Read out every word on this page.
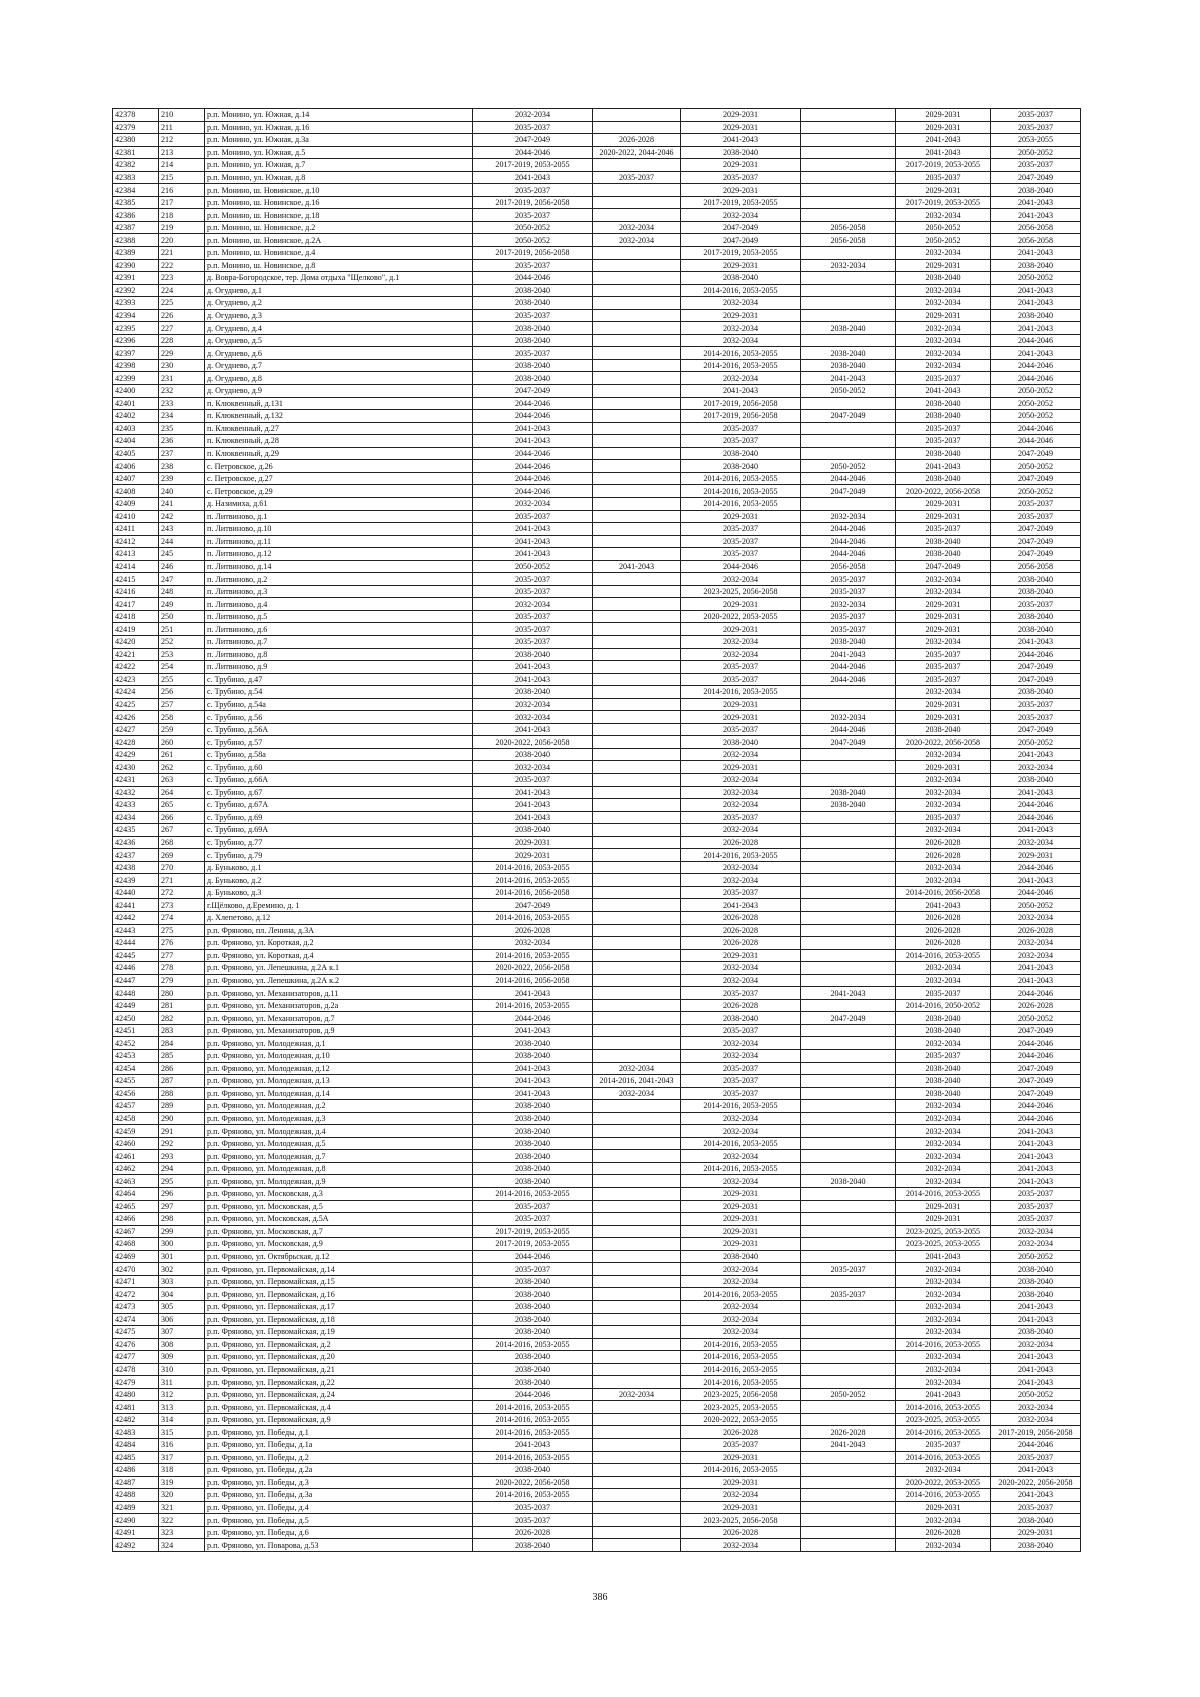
42378	210	р.п. Монино, ул. Южная, д.14	2032-2034		2029-2031		2029-2031	2035-2037
42379	211	р.п. Монино, ул. Южная, д.16	2035-2037		2029-2031		2029-2031	2035-2037
42380	212	р.п. Монино, ул. Южная, д.3а	2047-2049	2026-2028	2041-2043		2041-2043	2053-2055
42381	213	р.п. Монино, ул. Южная, д.5	2044-2046	2020-2022, 2044-2046	2038-2040		2041-2043	2050-2052
42382	214	р.п. Монино, ул. Южная, д.7	2017-2019, 2053-2055		2029-2031		2017-2019, 2053-2055	2035-2037
42383	215	р.п. Монино, ул. Южная, д.8	2041-2043	2035-2037	2035-2037		2035-2037	2047-2049
42384	216	р.п. Монино, ш. Новинское, д.10	2035-2037		2029-2031		2029-2031	2038-2040
42385	217	р.п. Монино, ш. Новинское, д.16	2017-2019, 2056-2058		2017-2019, 2053-2055		2017-2019, 2053-2055	2041-2043
42386	218	р.п. Монино, ш. Новинское, д.18	2035-2037		2032-2034		2032-2034	2041-2043
42387	219	р.п. Монино, ш. Новинское, д.2	2050-2052	2032-2034	2047-2049	2056-2058	2050-2052	2056-2058
42388	220	р.п. Монино, ш. Новинское, д.2А	2050-2052	2032-2034	2047-2049	2056-2058	2050-2052	2056-2058
42389	221	р.п. Монино, ш. Новинское, д.4	2017-2019, 2056-2058		2017-2019, 2053-2055		2032-2034	2041-2043
42390	222	р.п. Монино, ш. Новинское, д.8	2035-2037		2029-2031	2032-2034	2029-2031	2038-2040
42391	223	д. Вовра-Богородское, тер. Дома отдыха "Щелково", д.1	2044-2046		2038-2040		2038-2040	2050-2052
42392	224	д. Огуднево, д.1	2038-2040		2014-2016, 2053-2055		2032-2034	2041-2043
42393	225	д. Огуднево, д.2	2038-2040		2032-2034		2032-2034	2041-2043
42394	226	д. Огуднево, д.3	2035-2037		2029-2031		2029-2031	2038-2040
42395	227	д. Огуднево, д.4	2038-2040		2032-2034	2038-2040	2032-2034	2041-2043
42396	228	д. Огуднево, д.5	2038-2040		2032-2034		2032-2034	2044-2046
42397	229	д. Огуднево, д.6	2035-2037		2014-2016, 2053-2055	2038-2040	2032-2034	2041-2043
42398	230	д. Огуднево, д.7	2038-2040		2014-2016, 2053-2055	2038-2040	2032-2034	2044-2046
42399	231	д. Огуднево, д.8	2038-2040		2032-2034	2041-2043	2035-2037	2044-2046
42400	232	д. Огуднево, д.9	2047-2049		2041-2043	2050-2052	2041-2043	2050-2052
42401	233	п. Клюквенный, д.131	2044-2046		2017-2019, 2056-2058		2038-2040	2050-2052
42402	234	п. Клюквенный, д.132	2044-2046		2017-2019, 2056-2058	2047-2049	2038-2040	2050-2052
42403	235	п. Клюквенный, д.27	2041-2043		2035-2037		2035-2037	2044-2046
42404	236	п. Клюквенный, д.28	2041-2043		2035-2037		2035-2037	2044-2046
42405	237	п. Клюквенный, д.29	2044-2046		2038-2040		2038-2040	2047-2049
42406	238	с. Петровское, д.26	2044-2046		2038-2040	2050-2052	2041-2043	2050-2052
42407	239	с. Петровское, д.27	2044-2046		2014-2016, 2053-2055	2044-2046	2038-2040	2047-2049
42408	240	с. Петровское, д.29	2044-2046		2014-2016, 2053-2055	2047-2049	2020-2022, 2056-2058	2050-2052
42409	241	д. Назимиха, д.61	2032-2034		2014-2016, 2053-2055		2029-2031	2035-2037
42410	242	п. Литвиново, д.1	2035-2037		2029-2031	2032-2034	2029-2031	2035-2037
42411	243	п. Литвиново, д.10	2041-2043		2035-2037	2044-2046	2035-2037	2047-2049
42412	244	п. Литвиново, д.11	2041-2043		2035-2037	2044-2046	2038-2040	2047-2049
42413	245	п. Литвиново, д.12	2041-2043		2035-2037	2044-2046	2038-2040	2047-2049
42414	246	п. Литвиново, д.14	2050-2052	2041-2043	2044-2046	2056-2058	2047-2049	2056-2058
42415	247	п. Литвиново, д.2	2035-2037		2032-2034	2035-2037	2032-2034	2038-2040
42416	248	п. Литвиново, д.3	2035-2037		2023-2025, 2056-2058	2035-2037	2032-2034	2038-2040
42417	249	п. Литвиново, д.4	2032-2034		2029-2031	2032-2034	2029-2031	2035-2037
42418	250	п. Литвиново, д.5	2035-2037		2020-2022, 2053-2055	2035-2037	2029-2031	2038-2040
42419	251	п. Литвиново, д.6	2035-2037		2029-2031	2035-2037	2029-2031	2038-2040
42420	252	п. Литвиново, д.7	2035-2037		2032-2034	2038-2040	2032-2034	2041-2043
42421	253	п. Литвиново, д.8	2038-2040		2032-2034	2041-2043	2035-2037	2044-2046
42422	254	п. Литвиново, д.9	2041-2043		2035-2037	2044-2046	2035-2037	2047-2049
42423	255	с. Трубино, д.47	2041-2043		2035-2037	2044-2046	2035-2037	2047-2049
42424	256	с. Трубино, д.54	2038-2040		2014-2016, 2053-2055		2032-2034	2038-2040
42425	257	с. Трубино, д.54а	2032-2034		2029-2031		2029-2031	2035-2037
42426	258	с. Трубино, д.56	2032-2034		2029-2031	2032-2034	2029-2031	2035-2037
42427	259	с. Трубино, д.56А	2041-2043		2035-2037	2044-2046	2038-2040	2047-2049
42428	260	с. Трубино, д.57	2020-2022, 2056-2058		2038-2040	2047-2049	2020-2022, 2056-2058	2050-2052
42429	261	с. Трубино, д.58а	2038-2040		2032-2034		2032-2034	2041-2043
42430	262	с. Трубино, д.60	2032-2034		2029-2031		2029-2031	2032-2034
42431	263	с. Трубино, д.66А	2035-2037		2032-2034		2032-2034	2038-2040
42432	264	с. Трубино, д.67	2041-2043		2032-2034	2038-2040	2032-2034	2041-2043
42433	265	с. Трубино, д.67А	2041-2043		2032-2034	2038-2040	2032-2034	2044-2046
42434	266	с. Трубино, д.69	2041-2043		2035-2037		2035-2037	2044-2046
42435	267	с. Трубино, д.69А	2038-2040		2032-2034		2032-2034	2041-2043
42436	268	с. Трубино, д.77	2029-2031		2026-2028		2026-2028	2032-2034
42437	269	с. Трубино, д.79	2029-2031		2014-2016, 2053-2055		2026-2028	2029-2031
42438	270	д. Буньково, д.1	2014-2016, 2053-2055		2032-2034		2032-2034	2044-2046
42439	271	д. Буньково, д.2	2014-2016, 2053-2055		2032-2034		2032-2034	2041-2043
42440	272	д. Буньково, д.3	2014-2016, 2056-2058		2035-2037		2014-2016, 2056-2058	2044-2046
42441	273	г.Щёлково, д.Еремино, д. 1	2047-2049		2041-2043		2041-2043	2050-2052
42442	274	д. Хлепетово, д.12	2014-2016, 2053-2055		2026-2028		2026-2028	2032-2034
42443	275	р.п. Фряново, пл. Ленина, д.3А	2026-2028		2026-2028		2026-2028	2026-2028
42444	276	р.п. Фряново, ул. Короткая, д.2	2032-2034		2026-2028		2026-2028	2032-2034
42445	277	р.п. Фряново, ул. Короткая, д.4	2014-2016, 2053-2055		2029-2031		2014-2016, 2053-2055	2032-2034
42446	278	р.п. Фряново, ул. Лепешкина, д.2А к.1	2020-2022, 2056-2058		2032-2034		2032-2034	2041-2043
42447	279	р.п. Фряново, ул. Лепешкина, д.2А к.2	2014-2016, 2056-2058		2032-2034		2032-2034	2041-2043
42448	280	р.п. Фряново, ул. Механизаторов, д.11	2041-2043		2035-2037	2041-2043	2035-2037	2044-2046
42449	281	р.п. Фряново, ул. Механизаторов, д.2а	2014-2016, 2053-2055		2026-2028		2014-2016, 2050-2052	2026-2028
42450	282	р.п. Фряново, ул. Механизаторов, д.7	2044-2046		2038-2040	2047-2049	2038-2040	2050-2052
42451	283	р.п. Фряново, ул. Механизаторов, д.9	2041-2043		2035-2037		2038-2040	2047-2049
42452	284	р.п. Фряново, ул. Молодежная, д.1	2038-2040		2032-2034		2032-2034	2044-2046
42453	285	р.п. Фряново, ул. Молодежная, д.10	2038-2040		2032-2034		2035-2037	2044-2046
42454	286	р.п. Фряново, ул. Молодежная, д.12	2041-2043	2032-2034	2035-2037		2038-2040	2047-2049
42455	287	р.п. Фряново, ул. Молодежная, д.13	2041-2043	2014-2016, 2041-2043	2035-2037		2038-2040	2047-2049
42456	288	р.п. Фряново, ул. Молодежная, д.14	2041-2043	2032-2034	2035-2037		2038-2040	2047-2049
42457	289	р.п. Фряново, ул. Молодежная, д.2	2038-2040		2014-2016, 2053-2055		2032-2034	2044-2046
42458	290	р.п. Фряново, ул. Молодежная, д.3	2038-2040		2032-2034		2032-2034	2044-2046
42459	291	р.п. Фряново, ул. Молодежная, д.4	2038-2040		2032-2034		2032-2034	2041-2043
42460	292	р.п. Фряново, ул. Молодежная, д.5	2038-2040		2014-2016, 2053-2055		2032-2034	2041-2043
42461	293	р.п. Фряново, ул. Молодежная, д.7	2038-2040		2032-2034		2032-2034	2041-2043
42462	294	р.п. Фряново, ул. Молодежная, д.8	2038-2040		2014-2016, 2053-2055		2032-2034	2041-2043
42463	295	р.п. Фряново, ул. Молодежная, д.9	2038-2040		2032-2034	2038-2040	2032-2034	2041-2043
42464	296	р.п. Фряново, ул. Московская, д.3	2014-2016, 2053-2055		2029-2031		2014-2016, 2053-2055	2035-2037
42465	297	р.п. Фряново, ул. Московская, д.5	2035-2037		2029-2031		2029-2031	2035-2037
42466	298	р.п. Фряново, ул. Московская, д.5А	2035-2037		2029-2031		2029-2031	2035-2037
42467	299	р.п. Фряново, ул. Московская, д.7	2017-2019, 2053-2055		2029-2031		2023-2025, 2053-2055	2032-2034
42468	300	р.п. Фряново, ул. Московская, д.9	2017-2019, 2053-2055		2029-2031		2023-2025, 2053-2055	2032-2034
42469	301	р.п. Фряново, ул. Октябрьская, д.12	2044-2046		2038-2040		2041-2043	2050-2052
42470	302	р.п. Фряново, ул. Первомайская, д.14	2035-2037		2032-2034	2035-2037	2032-2034	2038-2040
42471	303	р.п. Фряново, ул. Первомайская, д.15	2038-2040		2032-2034		2032-2034	2038-2040
42472	304	р.п. Фряново, ул. Первомайская, д.16	2038-2040		2014-2016, 2053-2055	2035-2037	2032-2034	2038-2040
42473	305	р.п. Фряново, ул. Первомайская, д.17	2038-2040		2032-2034		2032-2034	2041-2043
42474	306	р.п. Фряново, ул. Первомайская, д.18	2038-2040		2032-2034		2032-2034	2041-2043
42475	307	р.п. Фряново, ул. Первомайская, д.19	2038-2040		2032-2034		2032-2034	2038-2040
42476	308	р.п. Фряново, ул. Первомайская, д.2	2014-2016, 2053-2055		2014-2016, 2053-2055		2014-2016, 2053-2055	2032-2034
42477	309	р.п. Фряново, ул. Первомайская, д.20	2038-2040		2014-2016, 2053-2055		2032-2034	2041-2043
42478	310	р.п. Фряново, ул. Первомайская, д.21	2038-2040		2014-2016, 2053-2055		2032-2034	2041-2043
42479	311	р.п. Фряново, ул. Первомайская, д.22	2038-2040		2014-2016, 2053-2055		2032-2034	2041-2043
42480	312	р.п. Фряново, ул. Первомайская, д.24	2044-2046	2032-2034	2023-2025, 2056-2058	2050-2052	2041-2043	2050-2052
42481	313	р.п. Фряново, ул. Первомайская, д.4	2014-2016, 2053-2055		2023-2025, 2053-2055		2014-2016, 2053-2055	2032-2034
42482	314	р.п. Фряново, ул. Первомайская, д.9	2014-2016, 2053-2055		2020-2022, 2053-2055		2023-2025, 2053-2055	2032-2034
42483	315	р.п. Фряново, ул. Победы, д.1	2014-2016, 2053-2055		2026-2028	2026-2028	2014-2016, 2053-2055	2017-2019, 2056-2058
42484	316	р.п. Фряново, ул. Победы, д.1а	2041-2043		2035-2037	2041-2043	2035-2037	2044-2046
42485	317	р.п. Фряново, ул. Победы, д.2	2014-2016, 2053-2055		2029-2031		2014-2016, 2053-2055	2035-2037
42486	318	р.п. Фряново, ул. Победы, д.2а	2038-2040		2014-2016, 2053-2055		2032-2034	2041-2043
42487	319	р.п. Фряново, ул. Победы, д.3	2020-2022, 2056-2058		2029-2031		2020-2022, 2053-2055	2020-2022, 2056-2058
42488	320	р.п. Фряново, ул. Победы, д.3а	2014-2016, 2053-2055		2032-2034		2014-2016, 2053-2055	2041-2043
42489	321	р.п. Фряново, ул. Победы, д.4	2035-2037		2029-2031		2029-2031	2035-2037
42490	322	р.п. Фряново, ул. Победы, д.5	2035-2037		2023-2025, 2056-2058		2032-2034	2038-2040
42491	323	р.п. Фряново, ул. Победы, д.6	2026-2028		2026-2028		2026-2028	2029-2031
42492	324	р.п. Фряново, ул. Поварова, д.53	2038-2040		2032-2034		2032-2034	2038-2040
386
